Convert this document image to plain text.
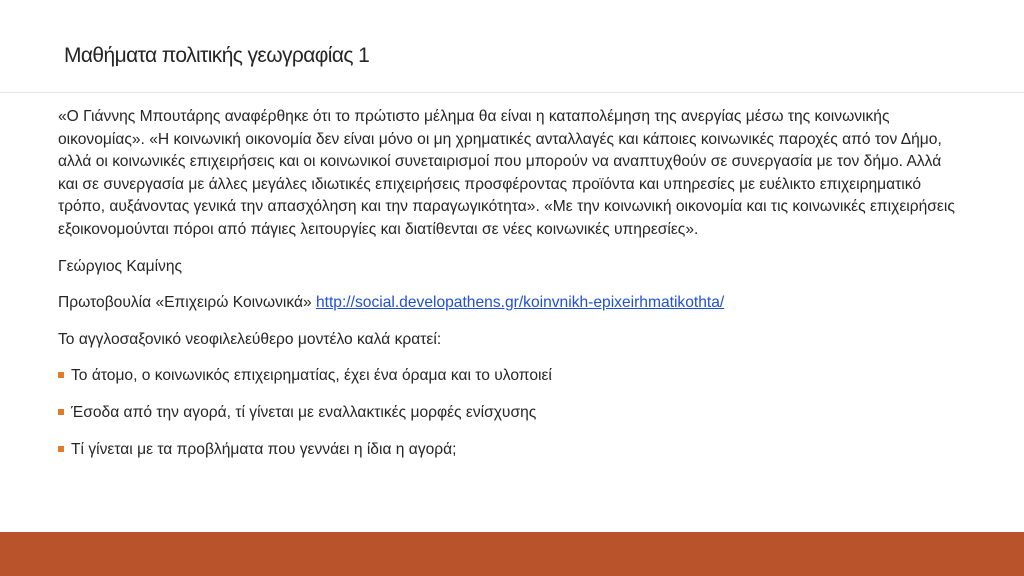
Μαθήματα πολιτικής γεωγραφίας 1

«Ο Γιάννης Μπουτάρης αναφέρθηκε ότι το πρώτιστο μέλημα θα είναι η καταπολέμηση της ανεργίας μέσω της κοινωνικής οικονομίας». «Η κοινωνική οικονομία δεν είναι μόνο οι μη χρηματικές ανταλλαγές και κάποιες κοινωνικές παροχές από τον Δήμο, αλλά οι κοινωνικές επιχειρήσεις και οι κοινωνικοί συνεταιρισμοί που μπορούν να αναπτυχθούν σε συνεργασία με τον δήμο. Αλλά και σε συνεργασία με άλλες μεγάλες ιδιωτικές επιχειρήσεις προσφέροντας προϊόντα και υπηρεσίες με ευέλικτο επιχειρηματικό τρόπο, αυξάνοντας γενικά την απασχόληση και την παραγωγικότητα». «Με την κοινωνική οικονομία και τις κοινωνικές επιχειρήσεις εξοικονομούνται πόροι από πάγιες λειτουργίες και διατίθενται σε νέες κοινωνικές υπηρεσίες».

Γεώργιος Καμίνης

Πρωτοβουλία «Επιχειρώ Κοινωνικά» http://social.developathens.gr/koinvnikh-epixeirhmatikothta/

Το αγγλοσαξονικό νεοφιλελεύθερο μοντέλο καλά κρατεί:

Το άτομο, ο κοινωνικός επιχειρηματίας, έχει ένα όραμα και το υλοποιεί
Έσοδα από την αγορά, τί γίνεται με εναλλακτικές μορφές ενίσχυσης
Τί γίνεται με τα προβλήματα που γεννάει η ίδια η αγορά;
